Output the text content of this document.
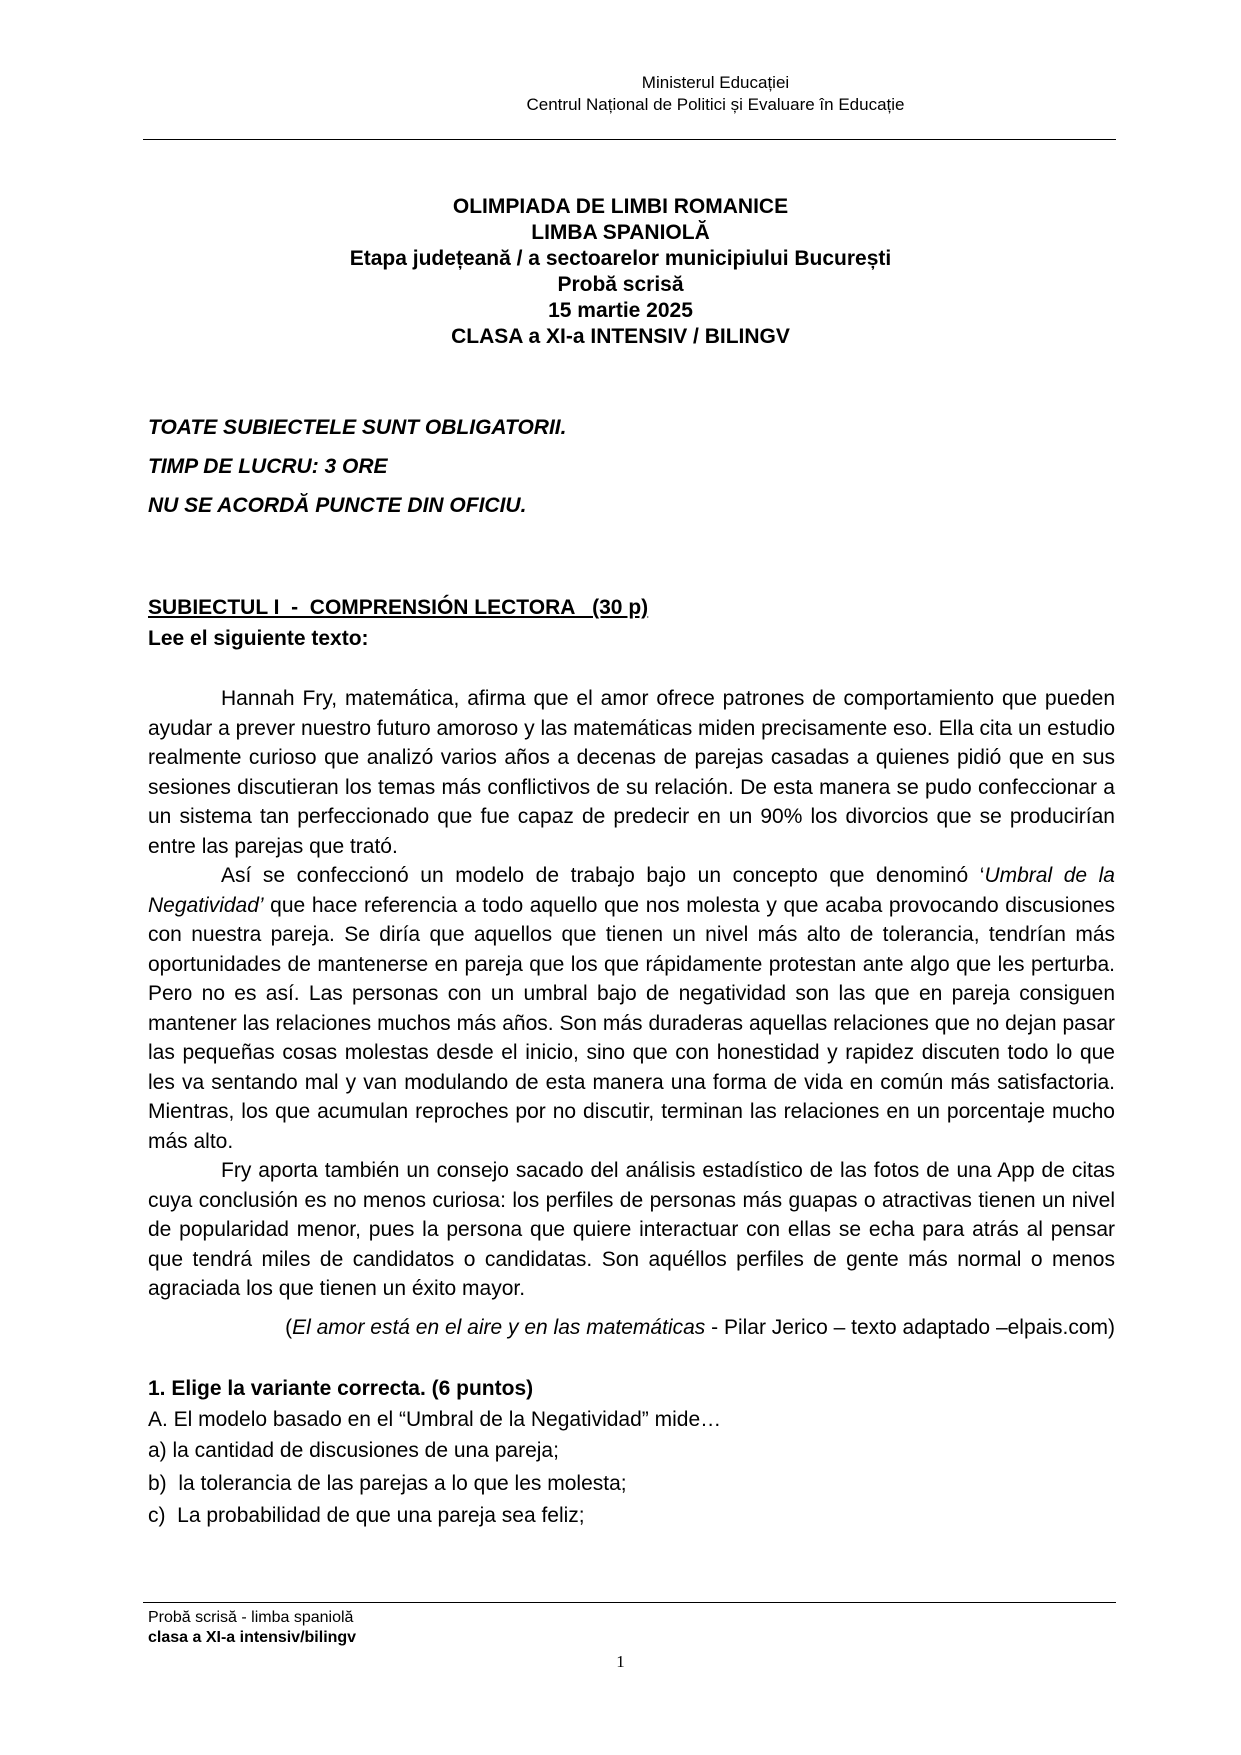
Ministerul Educației
Centrul Național de Politici și Evaluare în Educație
OLIMPIADA DE LIMBI ROMANICE
LIMBA SPANIOLĂ
Etapa județeană / a sectoarelor municipiului București
Probă scrisă
15 martie 2025
CLASA a XI-a INTENSIV / BILINGV
TOATE SUBIECTELE SUNT OBLIGATORII.
TIMP DE LUCRU: 3 ORE
NU SE ACORDĂ PUNCTE DIN OFICIU.
SUBIECTUL I  -  COMPRENSIÓN LECTORA   (30 p)
Lee el siguiente texto:

Hannah Fry, matemática, afirma que el amor ofrece patrones de comportamiento que pueden ayudar a prever nuestro futuro amoroso y las matemáticas miden precisamente eso. Ella cita un estudio realmente curioso que analizó varios años a decenas de parejas casadas a quienes pidió que en sus sesiones discutieran los temas más conflictivos de su relación. De esta manera se pudo confeccionar a un sistema tan perfeccionado que fue capaz de predecir en un 90% los divorcios que se producirían entre las parejas que trató.

Así se confeccionó un modelo de trabajo bajo un concepto que denominó ‘Umbral de la Negatividad’ que hace referencia a todo aquello que nos molesta y que acaba provocando discusiones con nuestra pareja. Se diría que aquellos que tienen un nivel más alto de tolerancia, tendrían más oportunidades de mantenerse en pareja que los que rápidamente protestan ante algo que les perturba. Pero no es así. Las personas con un umbral bajo de negatividad son las que en pareja consiguen mantener las relaciones muchos más años. Son más duraderas aquellas relaciones que no dejan pasar las pequeñas cosas molestas desde el inicio, sino que con honestidad y rapidez discuten todo lo que les va sentando mal y van modulando de esta manera una forma de vida en común más satisfactoria. Mientras, los que acumulan reproches por no discutir, terminan las relaciones en un porcentaje mucho más alto.

Fry aporta también un consejo sacado del análisis estadístico de las fotos de una App de citas cuya conclusión es no menos curiosa: los perfiles de personas más guapas o atractivas tienen un nivel de popularidad menor, pues la persona que quiere interactuar con ellas se echa para atrás al pensar que tendrá miles de candidatos o candidatas. Son aquéllos perfiles de gente más normal o menos agraciada los que tienen un éxito mayor.

(El amor está en el aire y en las matemáticas - Pilar Jerico – texto adaptado –elpais.com)
1. Elige la variante correcta. (6 puntos)
A. El modelo basado en el “Umbral de la Negatividad” mide…
a) la cantidad de discusiones de una pareja;
b)  la tolerancia de las parejas a lo que les molesta;
c)  La probabilidad de que una pareja sea feliz;
Probă scrisă - limba spaniolă
clasa a XI-a intensiv/bilingv
1
